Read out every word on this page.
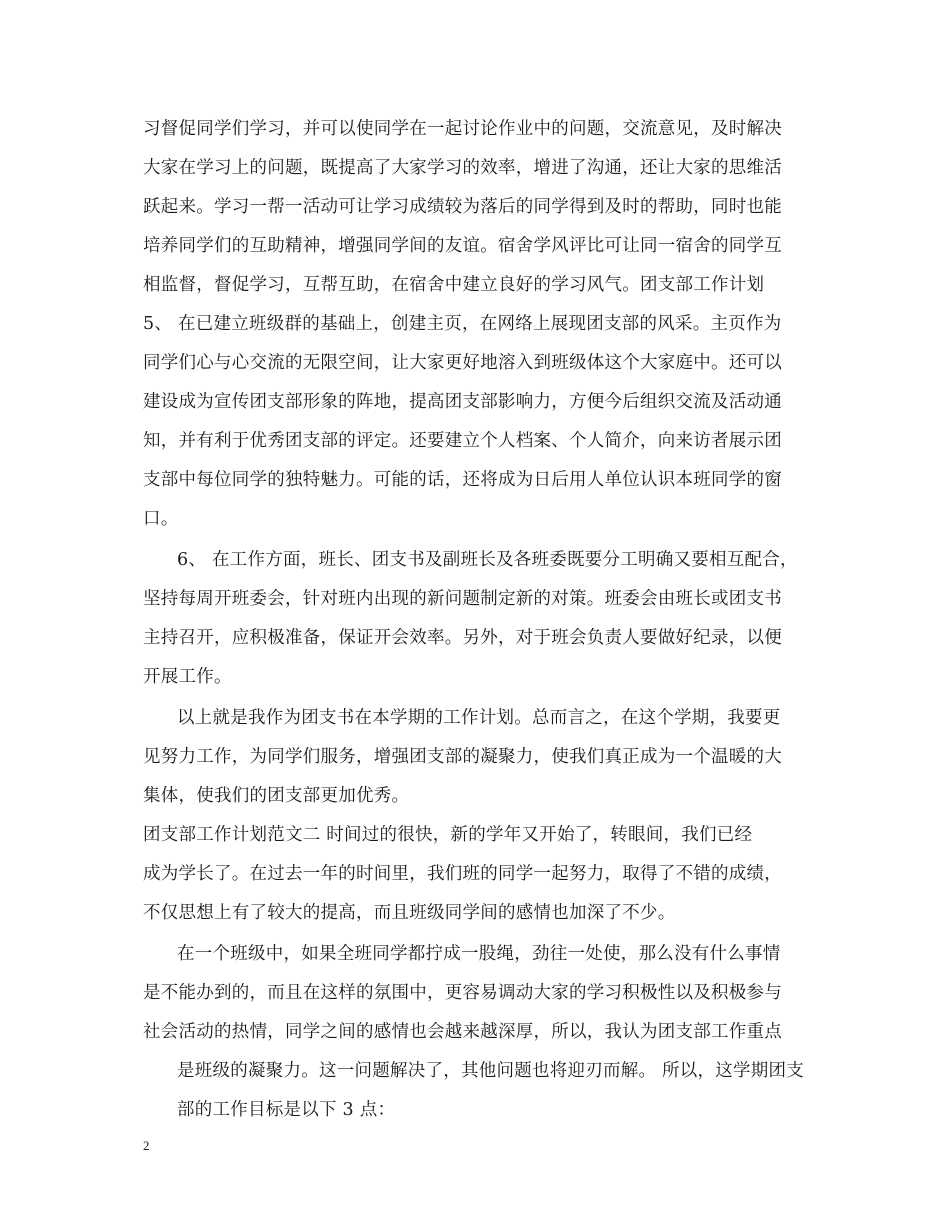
习督促同学们学习，并可以使同学在一起讨论作业中的问题，交流意见，及时解决
大家在学习上的问题，既提高了大家学习的效率，增进了沟通，还让大家的思维活
跃起来。学习一帮一活动可让学习成绩较为落后的同学得到及时的帮助，同时也能
培养同学们的互助精神，增强同学间的友谊。宿舍学风评比可让同一宿舍的同学互
相监督，督促学习，互帮互助，在宿舍中建立良好的学习风气。团支部工作计划
5、 在已建立班级群的基础上，创建主页，在网络上展现团支部的风采。主页作为
同学们心与心交流的无限空间，让大家更好地溶入到班级体这个大家庭中。还可以
建设成为宣传团支部形象的阵地，提高团支部影响力，方便今后组织交流及活动通
知，并有利于优秀团支部的评定。还要建立个人档案、个人简介，向来访者展示团
支部中每位同学的独特魅力。可能的话，还将成为日后用人单位认识本班同学的窗
口。
6、 在工作方面，班长、团支书及副班长及各班委既要分工明确又要相互配合，
坚持每周开班委会，针对班内出现的新问题制定新的对策。班委会由班长或团支书
主持召开，应积极准备，保证开会效率。另外，对于班会负责人要做好纪录，以便
开展工作。
以上就是我作为团支书在本学期的工作计划。总而言之，在这个学期，我要更
见努力工作，为同学们服务，增强团支部的凝聚力，使我们真正成为一个温暖的大
集体，使我们的团支部更加优秀。
团支部工作计划范文二 时间过的很快，新的学年又开始了，转眼间，我们已经
成为学长了。在过去一年的时间里，我们班的同学一起努力，取得了不错的成绩，
不仅思想上有了较大的提高，而且班级同学间的感情也加深了不少。
在一个班级中，如果全班同学都拧成一股绳，劲往一处使，那么没有什么事情
是不能办到的，而且在这样的氛围中，更容易调动大家的学习积极性以及积极参与
社会活动的热情，同学之间的感情也会越来越深厚，所以，我认为团支部工作重点
是班级的凝聚力。这一问题解决了，其他问题也将迎刃而解。 所以，这学期团支
部的工作目标是以下 3 点：
2
